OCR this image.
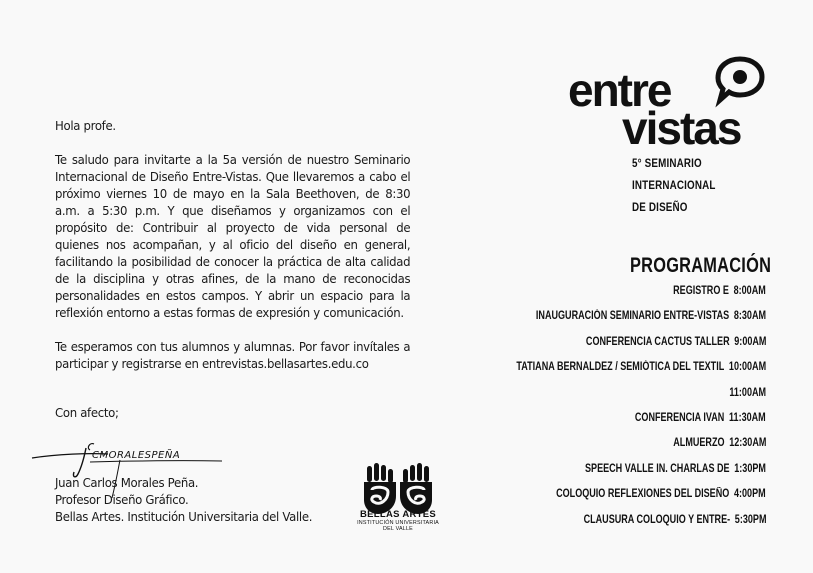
Hola profe.

Te saludo para invitarte a la 5a versión de nuestro Seminario Internacional de Diseño Entre-Vistas. Que llevaremos a cabo el próximo viernes 10 de mayo en la Sala Beethoven, de 8:30 a.m. a 5:30 p.m. Y que diseñamos y organizamos con el propósito de: Contribuir al proyecto de vida personal de quienes nos acompañan, y al oficio del diseño en general, facilitando la posibilidad de conocer la práctica de alta calidad de la disciplina y otras afines, de la mano de reconocidas personalidades en estos campos. Y abrir un espacio para la reflexión entorno a estas formas de expresión y comunicación.

Te esperamos con tus alumnos y alumnas. Por favor invítales a participar y registrarse en entrevistas.bellasartes.edu.co

Con afecto;
CMORALESPEÑA
Juan Carlos Morales Peña.
Profesor Diseño Gráfico.
Bellas Artes. Institución Universitaria del Valle.	BELLAS ARTES
INSTITUCIÓN UNIVERSITARIA
DEL VALLE
entre
vistas
5° SEMINARIO
INTERNACIONAL
DE DISEÑO
PROGRAMACIÓN
REGISTRO E 8:00AM
INAUGURACIÓN SEMINARIO ENTRE-VISTAS 8:30AM
CONFERENCIA CACTUS TALLER 9:00AM
TATIANA BERNALDEZ / SEMIÓTICA DEL TEXTIL 10:00AM
11:00AM
CONFERENCIA IVAN 11:30AM
ALMUERZO 12:30AM
SPEECH VALLE IN. CHARLAS DE 1:30PM
COLOQUIO REFLEXIONES DEL DISEÑO 4:00PM
CLAUSURA COLOQUIO Y ENTRE- 5:30PM
